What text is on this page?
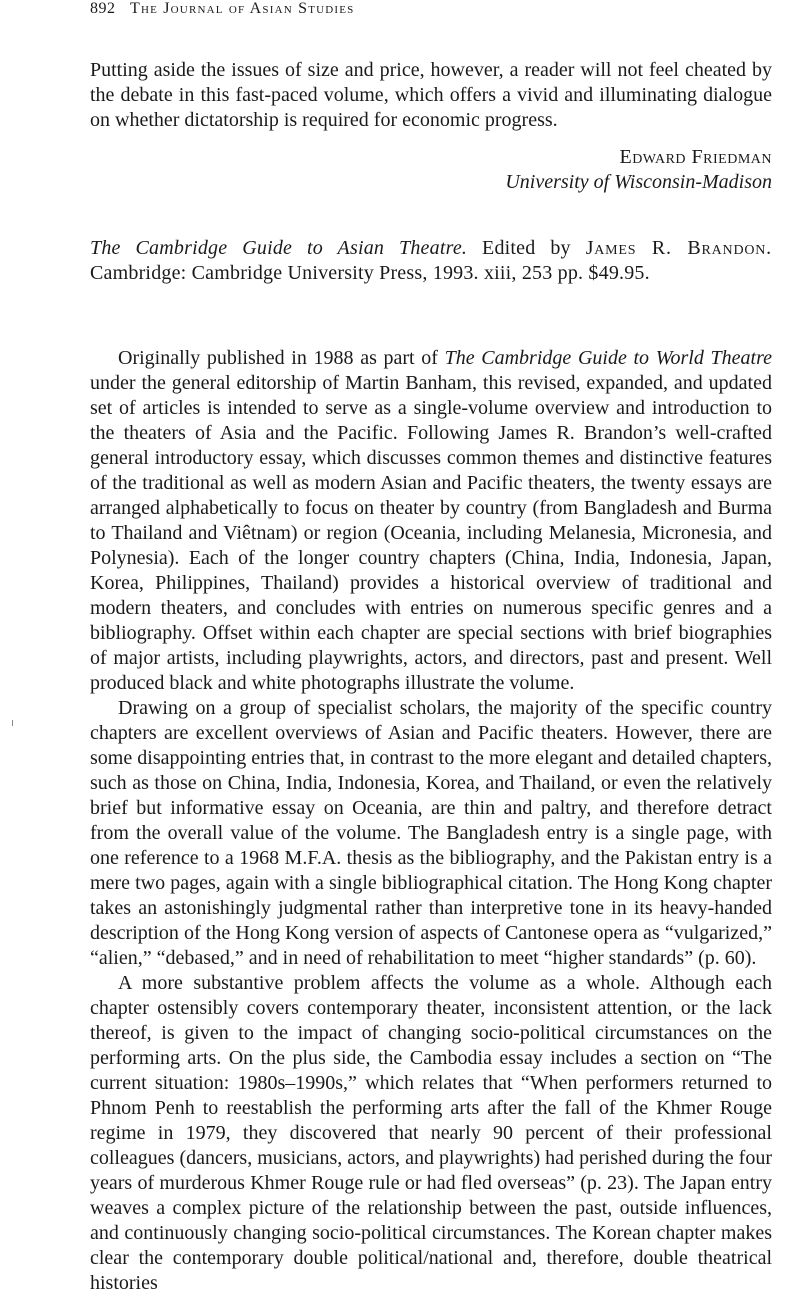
892 The Journal of Asian Studies

Putting aside the issues of size and price, however, a reader will not feel cheated by the debate in this fast-paced volume, which offers a vivid and illuminating dialogue on whether dictatorship is required for economic progress.

Edward Friedman
University of Wisconsin-Madison

The Cambridge Guide to Asian Theatre. Edited by James R. Brandon. Cambridge: Cambridge University Press, 1993. xiii, 253 pp. $49.95.

Originally published in 1988 as part of The Cambridge Guide to World Theatre under the general editorship of Martin Banham, this revised, expanded, and updated set of articles is intended to serve as a single-volume overview and introduction to the theaters of Asia and the Pacific. Following James R. Brandon’s well-crafted general introductory essay, which discusses common themes and distinctive features of the traditional as well as modern Asian and Pacific theaters, the twenty essays are arranged alphabetically to focus on theater by country (from Bangladesh and Burma to Thailand and Viêtnam) or region (Oceania, including Melanesia, Micronesia, and Polynesia). Each of the longer country chapters (China, India, Indonesia, Japan, Korea, Philippines, Thailand) provides a historical overview of traditional and modern theaters, and concludes with entries on numerous specific genres and a bibliography. Offset within each chapter are special sections with brief biographies of major artists, including playwrights, actors, and directors, past and present. Well produced black and white photographs illustrate the volume.

Drawing on a group of specialist scholars, the majority of the specific country chapters are excellent overviews of Asian and Pacific theaters. However, there are some disappointing entries that, in contrast to the more elegant and detailed chapters, such as those on China, India, Indonesia, Korea, and Thailand, or even the relatively brief but informative essay on Oceania, are thin and paltry, and therefore detract from the overall value of the volume. The Bangladesh entry is a single page, with one reference to a 1968 M.F.A. thesis as the bibliography, and the Pakistan entry is a mere two pages, again with a single bibliographical citation. The Hong Kong chapter takes an astonishingly judgmental rather than interpretive tone in its heavy-handed description of the Hong Kong version of aspects of Cantonese opera as “vulgarized,” “alien,” “debased,” and in need of rehabilitation to meet “higher standards” (p. 60).

A more substantive problem affects the volume as a whole. Although each chapter ostensibly covers contemporary theater, inconsistent attention, or the lack thereof, is given to the impact of changing socio-political circumstances on the performing arts. On the plus side, the Cambodia essay includes a section on “The current situation: 1980s–1990s,” which relates that “When performers returned to Phnom Penh to reestablish the performing arts after the fall of the Khmer Rouge regime in 1979, they discovered that nearly 90 percent of their professional colleagues (dancers, musicians, actors, and playwrights) had perished during the four years of murderous Khmer Rouge rule or had fled overseas” (p. 23). The Japan entry weaves a complex picture of the relationship between the past, outside influences, and continuously changing socio-political circumstances. The Korean chapter makes clear the contemporary double political/national and, therefore, double theatrical histories
